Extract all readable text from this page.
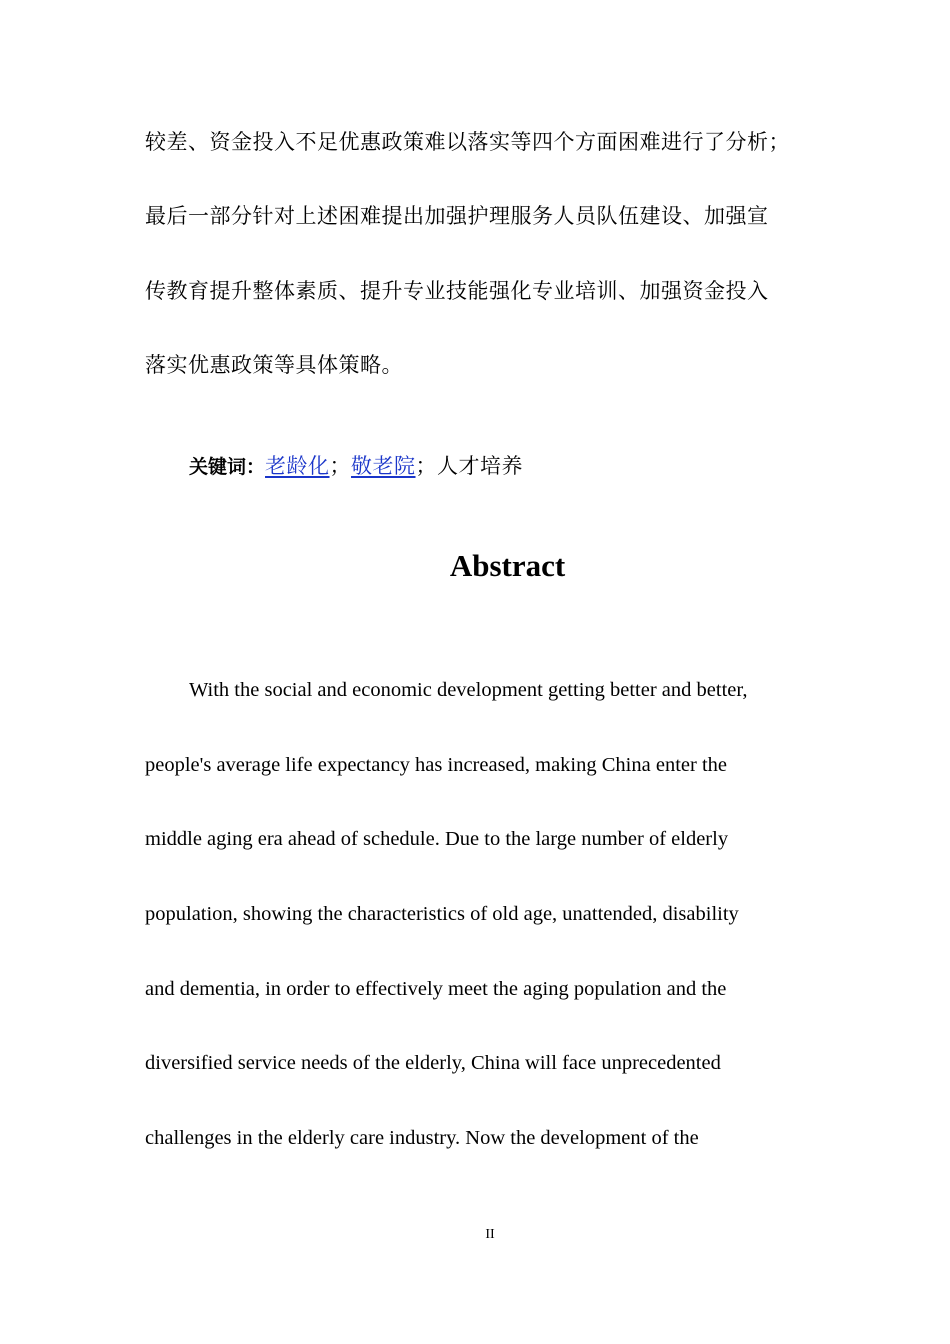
较差、资金投入不足优惠政策难以落实等四个方面困难进行了分析；
最后一部分针对上述困难提出加强护理服务人员队伍建设、加强宣
传教育提升整体素质、提升专业技能强化专业培训、加强资金投入
落实优惠政策等具体策略。
关键词：老龄化；敬老院；人才培养
Abstract
With the social and economic development getting better and better,
people's average life expectancy has increased, making China enter the
middle aging era ahead of schedule. Due to the large number of elderly
population, showing the characteristics of old age, unattended, disability
and dementia, in order to effectively meet the aging population and the
diversified service needs of the elderly, China will face unprecedented
challenges in the elderly care industry. Now the development of the
II
